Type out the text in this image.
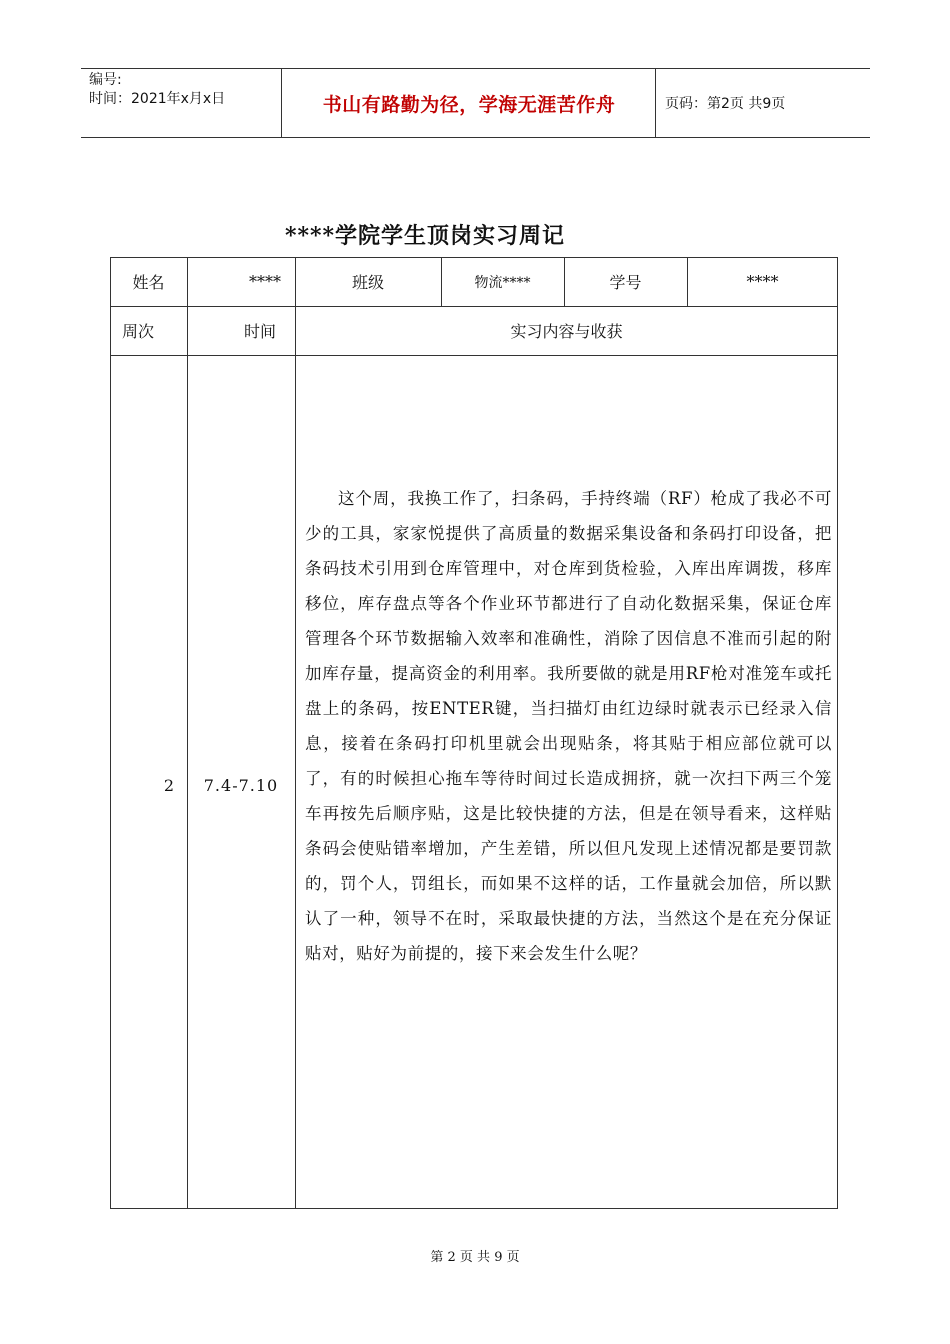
编号:
时间：2021年x月x日	书山有路勤为径，学海无涯苦作舟	页码：第2页 共9页
****学院学生顶岗实习周记
姓名	****	班级	物流****	学号	****
周次	时间	实习内容与收获
2	7.4-7.10
这个周，我换工作了，扫条码，手持终端（RF）枪成了我必不可少的工具，家家悦提供了高质量的数据采集设备和条码打印设备，把条码技术引用到仓库管理中，对仓库到货检验，入库出库调拨，移库移位，库存盘点等各个作业环节都进行了自动化数据采集，保证仓库管理各个环节数据输入效率和准确性，消除了因信息不准而引起的附加库存量，提高资金的利用率。我所要做的就是用RF枪对准笼车或托盘上的条码，按ENTER键，当扫描灯由红边绿时就表示已经录入信息，接着在条码打印机里就会出现贴条，将其贴于相应部位就可以了，有的时候担心拖车等待时间过长造成拥挤，就一次扫下两三个笼车再按先后顺序贴，这是比较快捷的方法，但是在领导看来，这样贴条码会使贴错率增加，产生差错，所以但凡发现上述情况都是要罚款的，罚个人，罚组长，而如果不这样的话，工作量就会加倍，所以默认了一种，领导不在时，采取最快捷的方法，当然这个是在充分保证贴对，贴好为前提的，接下来会发生什么呢？
第 2 页 共 9 页
